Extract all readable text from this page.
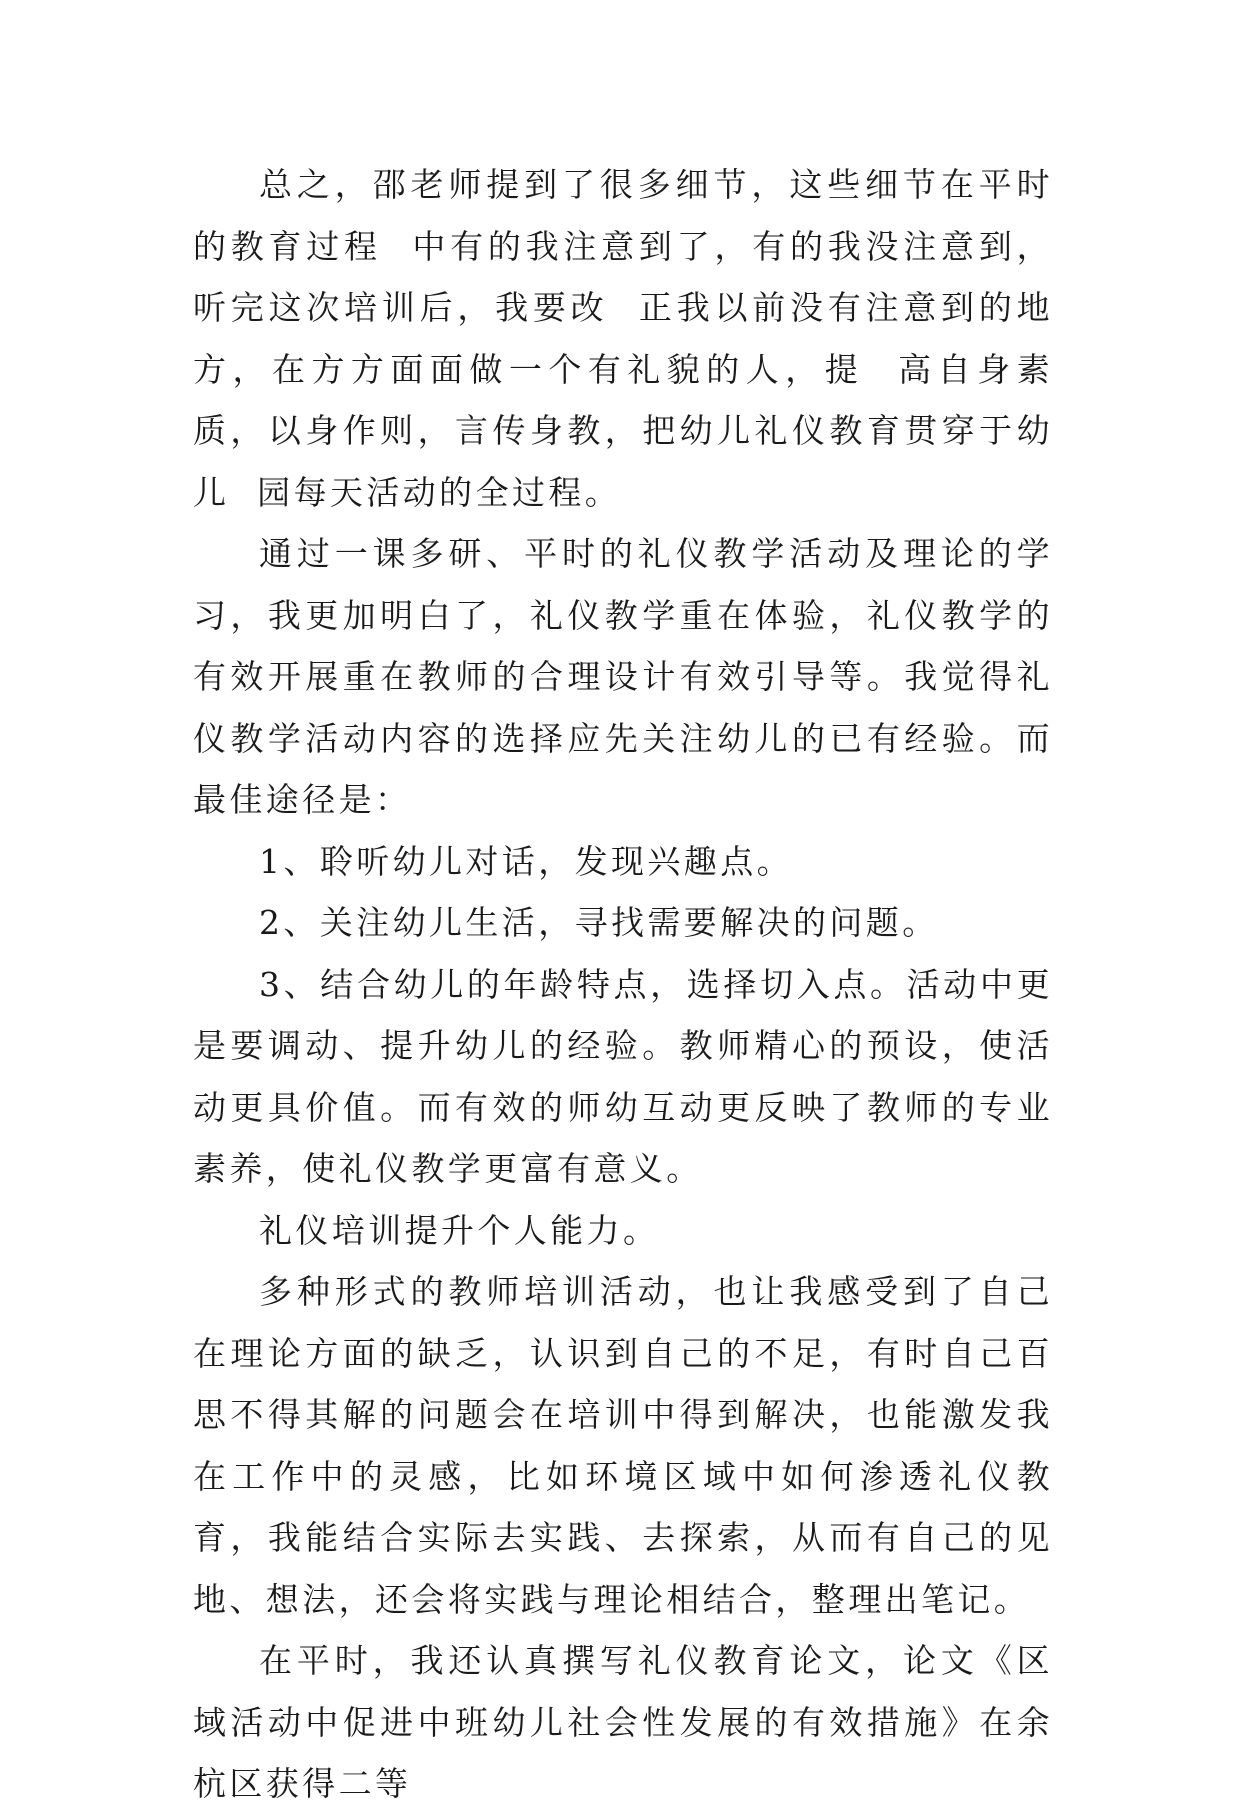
总之，邵老师提到了很多细节，这些细节在平时的教育过程  中有的我注意到了，有的我没注意到，听完这次培训后，我要改  正我以前没有注意到的地方，在方方面面做一个有礼貌的人，提  高自身素质，以身作则，言传身教，把幼儿礼仪教育贯穿于幼儿  园每天活动的全过程。

通过一课多研、平时的礼仪教学活动及理论的学习，我更加明白了，礼仪教学重在体验，礼仪教学的有效开展重在教师的合理设计有效引导等。我觉得礼仪教学活动内容的选择应先关注幼儿的已有经验。而最佳途径是：

1、聆听幼儿对话，发现兴趣点。

2、关注幼儿生活，寻找需要解决的问题。

3、结合幼儿的年龄特点，选择切入点。活动中更是要调动、提升幼儿的经验。教师精心的预设，使活动更具价值。而有效的师幼互动更反映了教师的专业素养，使礼仪教学更富有意义。

礼仪培训提升个人能力。

多种形式的教师培训活动，也让我感受到了自己在理论方面的缺乏，认识到自己的不足，有时自己百思不得其解的问题会在培训中得到解决，也能激发我在工作中的灵感，比如环境区域中如何渗透礼仪教育，我能结合实际去实践、去探索，从而有自己的见地、想法，还会将实践与理论相结合，整理出笔记。

在平时，我还认真撰写礼仪教育论文，论文《区域活动中促进中班幼儿社会性发展的有效措施》在余杭区获得二等
